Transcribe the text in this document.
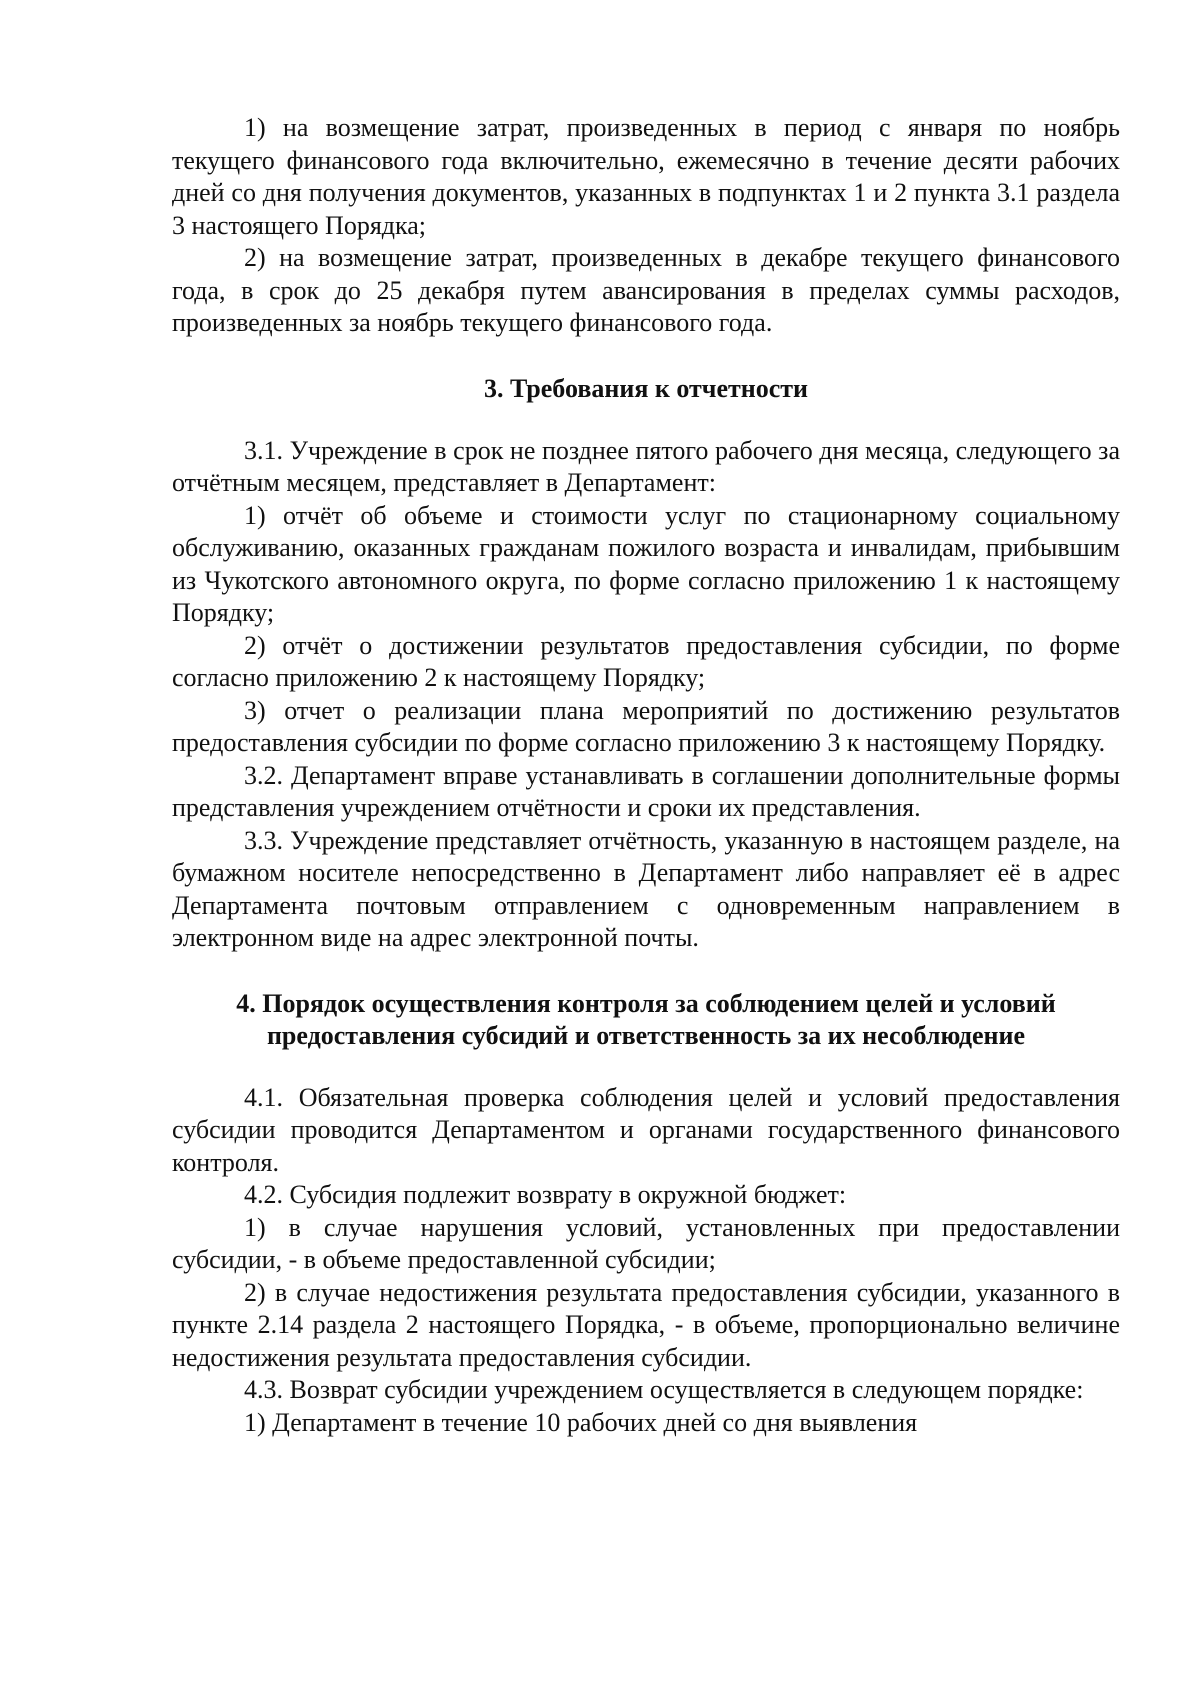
1) на возмещение затрат, произведенных в период с января по ноябрь текущего финансового года включительно, ежемесячно в течение десяти рабочих дней со дня получения документов, указанных в подпунктах 1 и 2 пункта 3.1 раздела 3 настоящего Порядка;

2) на возмещение затрат, произведенных в декабре текущего финансового года, в срок до 25 декабря путем авансирования в пределах суммы расходов, произведенных за ноябрь текущего финансового года.

3. Требования к отчетности

3.1. Учреждение в срок не позднее пятого рабочего дня месяца, следующего за отчётным месяцем, представляет в Департамент:

1) отчёт об объеме и стоимости услуг по стационарному социальному обслуживанию, оказанных гражданам пожилого возраста и инвалидам, прибывшим из Чукотского автономного округа, по форме согласно приложению 1 к настоящему Порядку;

2) отчёт о достижении результатов предоставления субсидии, по форме согласно приложению 2 к настоящему Порядку;

3) отчет о реализации плана мероприятий по достижению результатов предоставления субсидии по форме согласно приложению 3 к настоящему Порядку.

3.2. Департамент вправе устанавливать в соглашении дополнительные формы представления учреждением отчётности и сроки их представления.

3.3. Учреждение представляет отчётность, указанную в настоящем разделе, на бумажном носителе непосредственно в Департамент либо направляет её в адрес Департамента почтовым отправлением с одновременным направлением в электронном виде на адрес электронной почты.

4. Порядок осуществления контроля за соблюдением целей и условий
предоставления субсидий и ответственность за их несоблюдение

4.1. Обязательная проверка соблюдения целей и условий предоставления субсидии проводится Департаментом и органами государственного финансового контроля.

4.2. Субсидия подлежит возврату в окружной бюджет:

1) в случае нарушения условий, установленных при предоставлении субсидии, - в объеме предоставленной субсидии;

2) в случае недостижения результата предоставления субсидии, указанного в пункте 2.14 раздела 2 настоящего Порядка, - в объеме, пропорционально величине недостижения результата предоставления субсидии.

4.3. Возврат субсидии учреждением осуществляется в следующем порядке:

1) Департамент в течение 10 рабочих дней со дня выявления
